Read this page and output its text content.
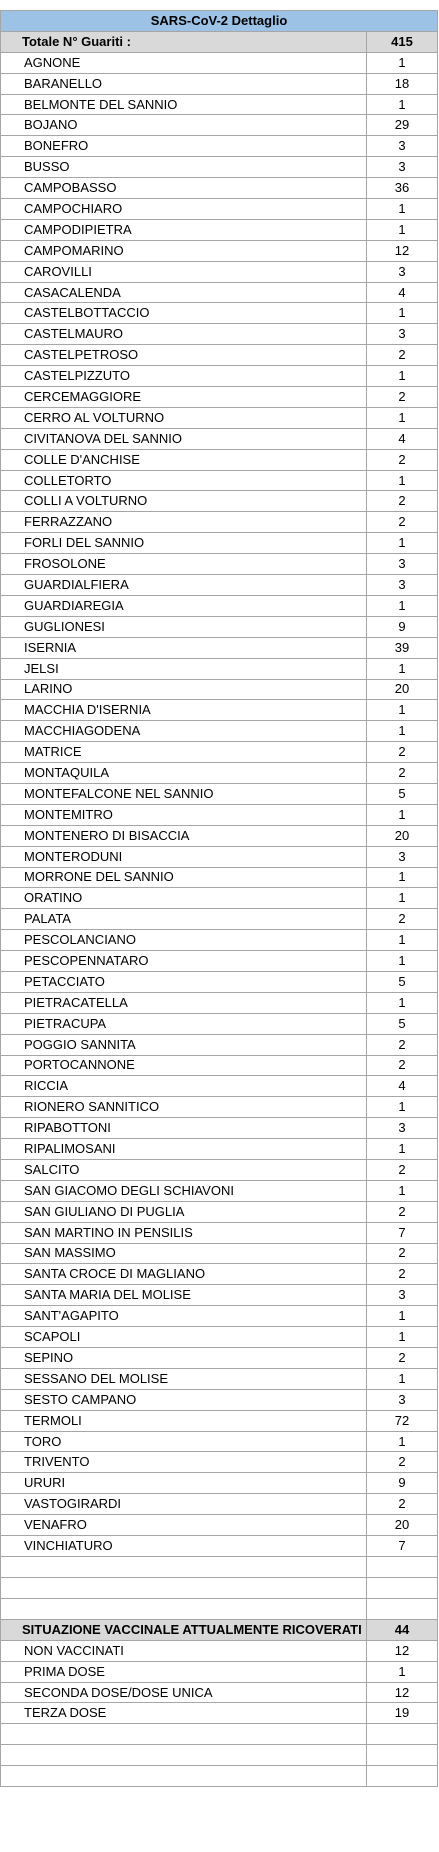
SARS-CoV-2 Dettaglio	
Totale N° Guariti :	415
AGNONE	1
BARANELLO	18
BELMONTE DEL SANNIO	1
BOJANO	29
BONEFRO	3
BUSSO	3
CAMPOBASSO	36
CAMPOCHIARO	1
CAMPODIPIETRA	1
CAMPOMARINO	12
CAROVILLI	3
CASACALENDA	4
CASTELBOTTACCIO	1
CASTELMAURO	3
CASTELPETROSO	2
CASTELPIZZUTO	1
CERCEMAGGIORE	2
CERRO AL VOLTURNO	1
CIVITANOVA DEL SANNIO	4
COLLE D'ANCHISE	2
COLLETORTO	1
COLLI A VOLTURNO	2
FERRAZZANO	2
FORLI DEL SANNIO	1
FROSOLONE	3
GUARDIALFIERA	3
GUARDIAREGIA	1
GUGLIONESI	9
ISERNIA	39
JELSI	1
LARINO	20
MACCHIA D'ISERNIA	1
MACCHIAGODENA	1
MATRICE	2
MONTAQUILA	2
MONTEFALCONE NEL SANNIO	5
MONTEMITRO	1
MONTENERO DI BISACCIA	20
MONTERODUNI	3
MORRONE DEL SANNIO	1
ORATINO	1
PALATA	2
PESCOLANCIANO	1
PESCOPENNATARO	1
PETACCIATO	5
PIETRACATELLA	1
PIETRACUPA	5
POGGIO SANNITA	2
PORTOCANNONE	2
RICCIA	4
RIONERO SANNITICO	1
RIPABOTTONI	3
RIPALIMOSANI	1
SALCITO	2
SAN GIACOMO DEGLI SCHIAVONI	1
SAN GIULIANO DI PUGLIA	2
SAN MARTINO IN PENSILIS	7
SAN MASSIMO	2
SANTA CROCE DI MAGLIANO	2
SANTA MARIA DEL MOLISE	3
SANT'AGAPITO	1
SCAPOLI	1
SEPINO	2
SESSANO DEL MOLISE	1
SESTO CAMPANO	3
TERMOLI	72
TORO	1
TRIVENTO	2
URURI	9
VASTOGIRARDI	2
VENAFRO	20
VINCHIATURO	7

SITUAZIONE VACCINALE ATTUALMENTE RICOVERATI	44
NON VACCINATI	12
PRIMA DOSE	1
SECONDA DOSE/DOSE UNICA	12
TERZA DOSE	19
